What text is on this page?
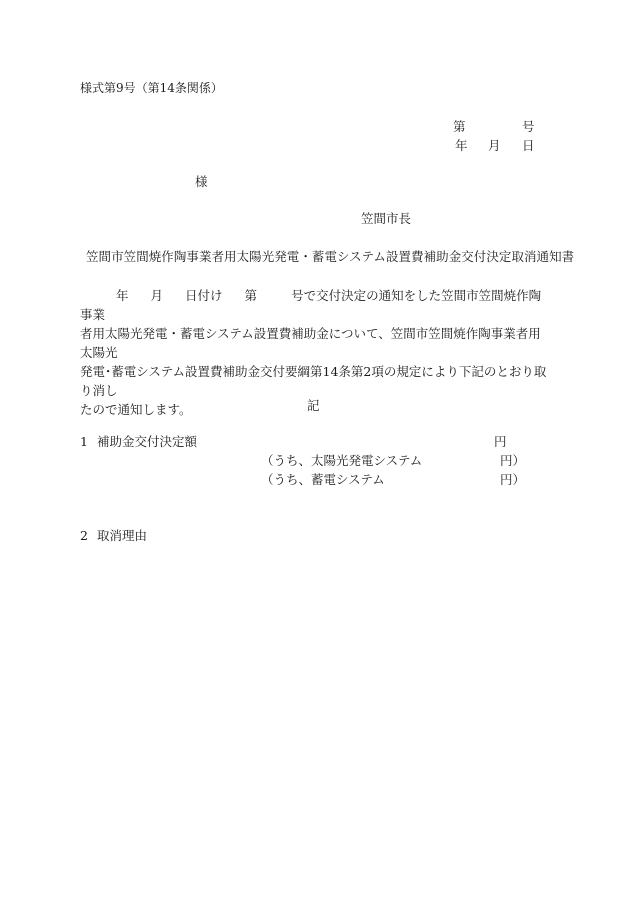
様式第9号（第14条関係）
第	号
年 月 日
様
笠間市長
笠間市笠間焼作陶事業者用太陽光発電・蓄電システム設置費補助金交付決定取消通知書

年 月 日付け 第	号で交付決定の通知をした笠間市笠間焼作陶事業

者用太陽光発電・蓄電システム設置費補助金について、笠間市笠間焼作陶事業者用太陽光

発電･蓄電システム設置費補助金交付要綱第14条第2項の規定により下記のとおり取り消し

たので通知します。	記
1 補助金交付決定額	円
（うち、太陽光発電システム	円）
（うち、蓄電システム	円）
2 取消理由
